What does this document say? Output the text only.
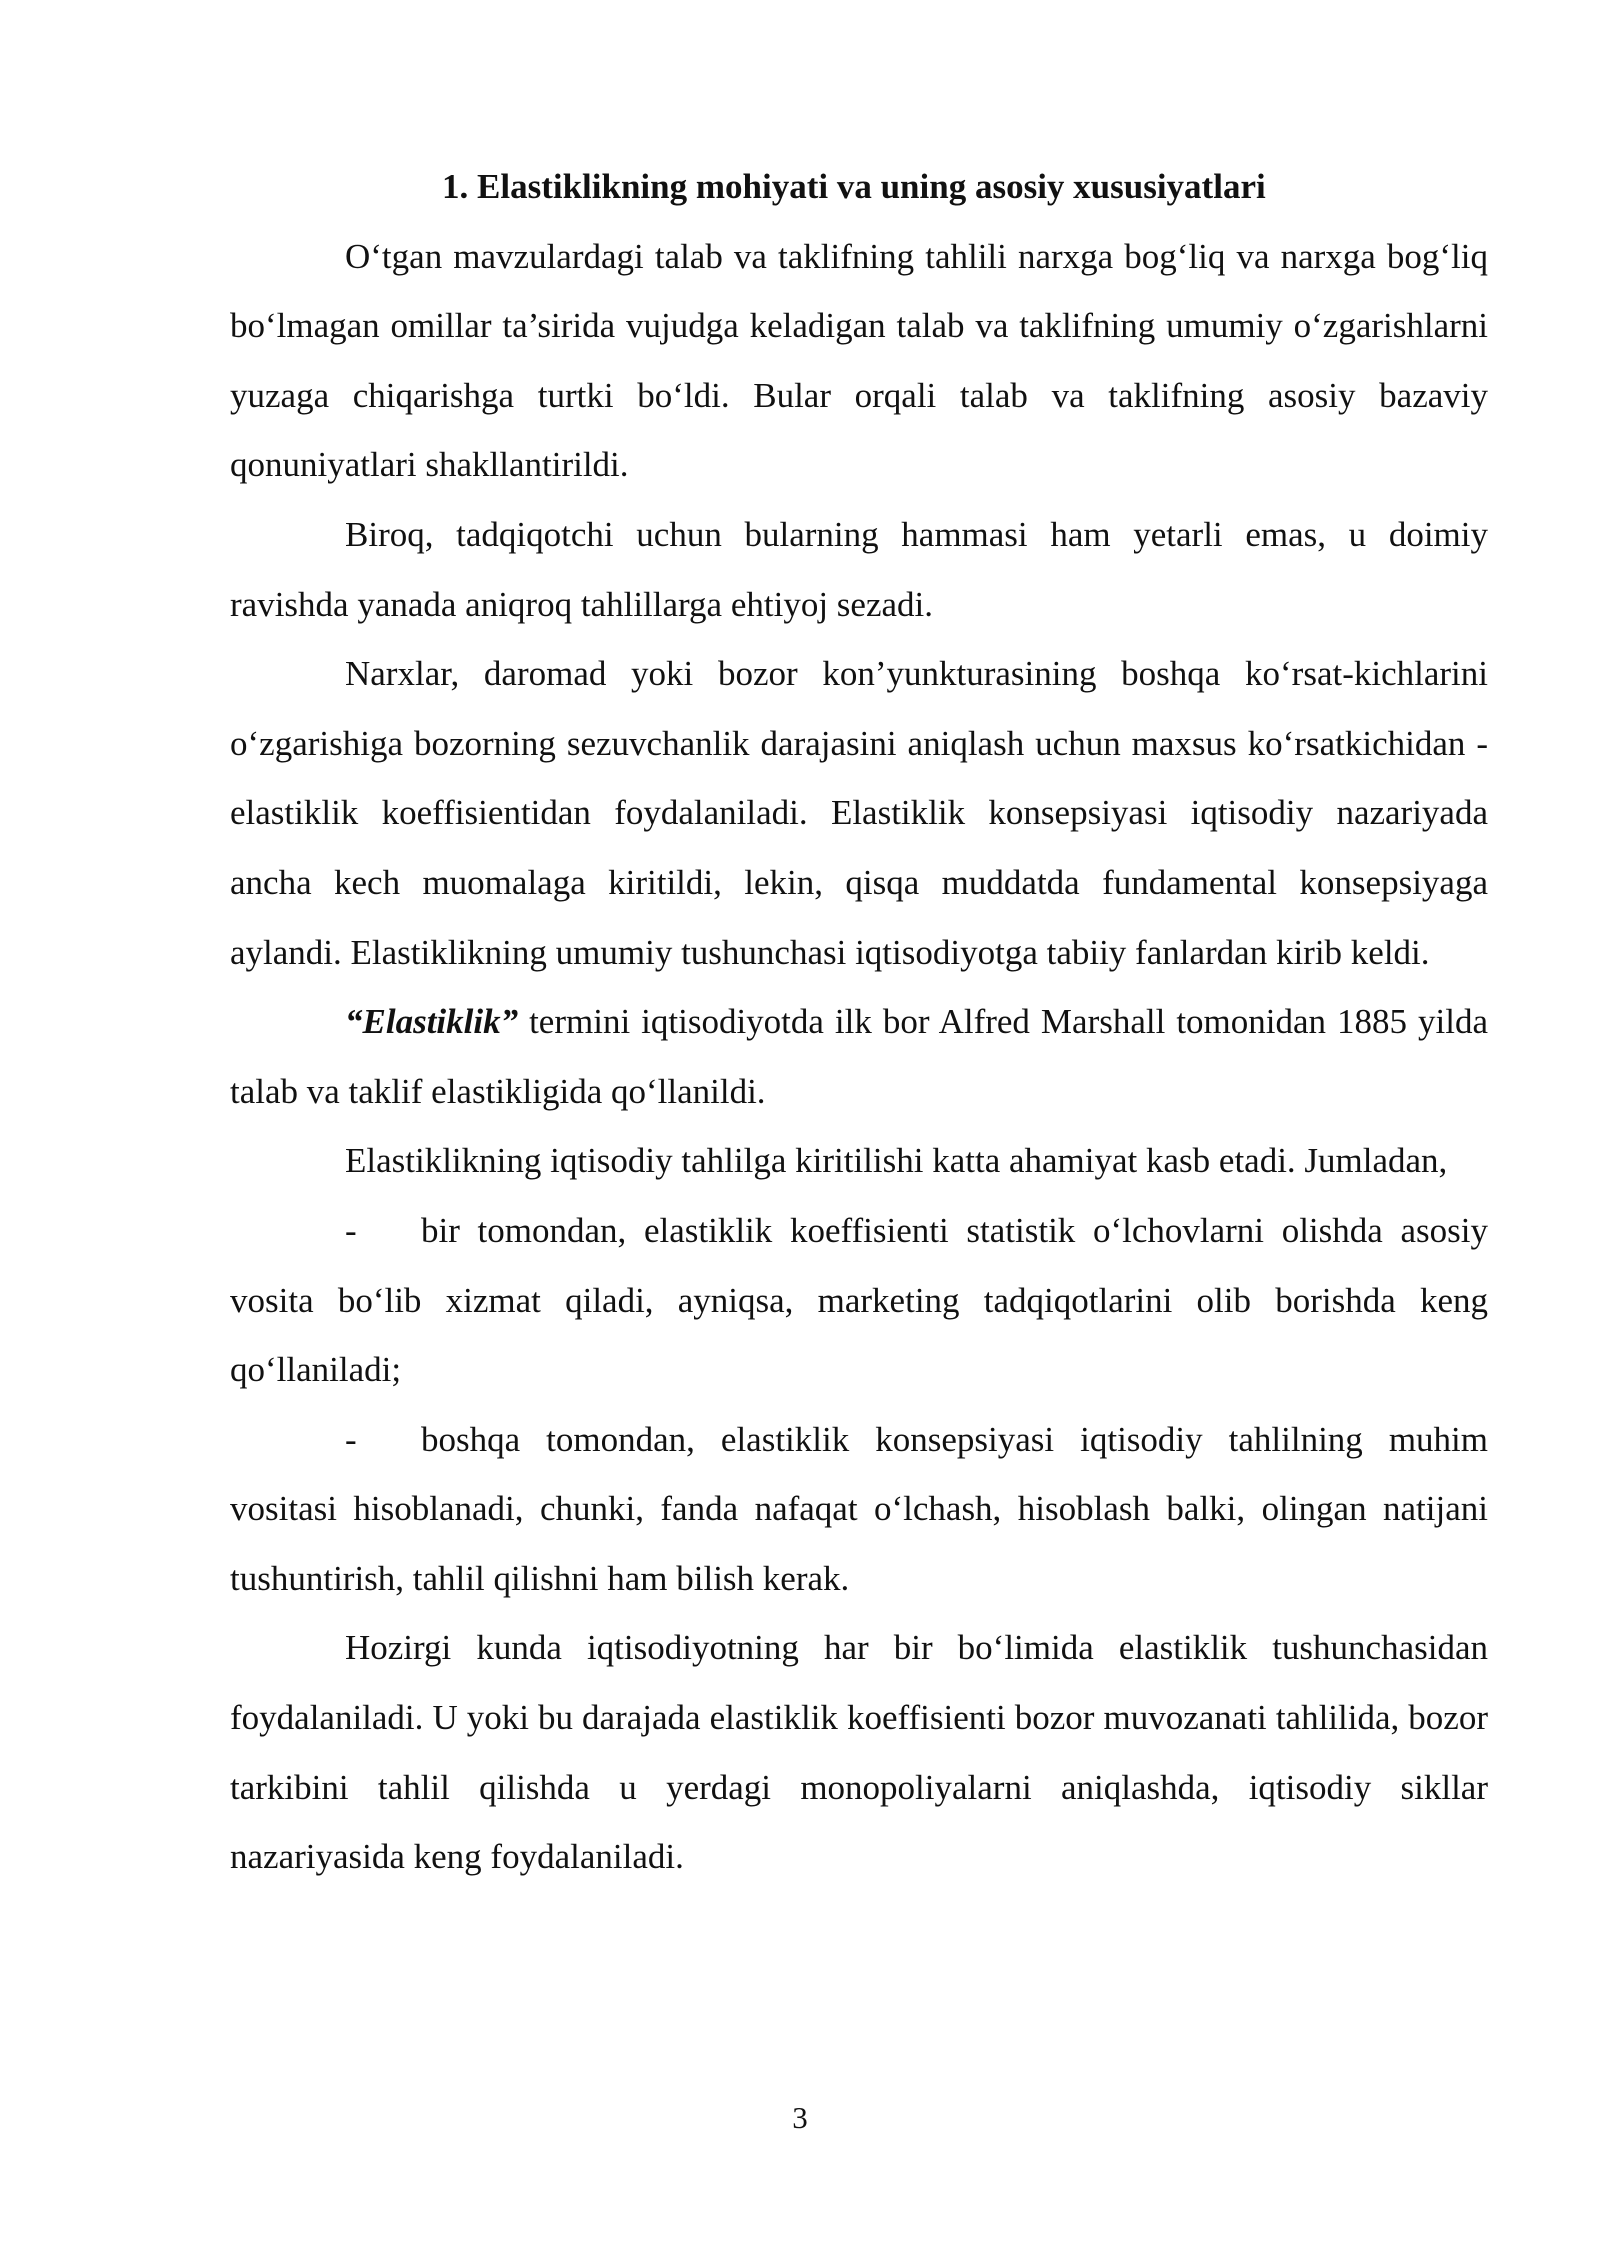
1. Elastiklikning mohiyati va uning asosiy xususiyatlari

O‘tgan mavzulardagi talab va taklifning tahlili narxga bog‘liq va narxga bog‘liq bo‘lmagan omillar ta’sirida vujudga keladigan talab va taklifning umumiy o‘zgarishlarni yuzaga chiqarishga turtki bo‘ldi. Bular orqali talab va taklifning asosiy bazaviy qonuniyatlari shakllantirildi.

Biroq, tadqiqotchi uchun bularning hammasi ham yetarli emas, u doimiy ravishda yanada aniqroq tahlillarga ehtiyoj sezadi.

Narxlar, daromad yoki bozor kon’yunkturasining boshqa ko‘rsat-kichlarini o‘zgarishiga bozorning sezuvchanlik darajasini aniqlash uchun maxsus ko‘rsatkichidan - elastiklik koeffisientidan foydalaniladi. Elastiklik konsepsiyasi iqtisodiy nazariyada ancha kech muomalaga kiritildi, lekin, qisqa muddatda fundamental konsepsiyaga aylandi. Elastiklikning umumiy tushunchasi iqtisodiyotga tabiiy fanlardan kirib keldi.

“Elastiklik” termini iqtisodiyotda ilk bor Alfred Marshall tomonidan 1885 yilda talab va taklif elastikligida qo‘llanildi.

Elastiklikning iqtisodiy tahlilga kiritilishi katta ahamiyat kasb etadi. Jumladan,

- bir tomondan, elastiklik koeffisienti statistik o‘lchovlarni olishda asosiy vosita bo‘lib xizmat qiladi, ayniqsa, marketing tadqiqotlarini olib borishda keng qo‘llaniladi;

- boshqa tomondan, elastiklik konsepsiyasi iqtisodiy tahlilning muhim vositasi hisoblanadi, chunki, fanda nafaqat o‘lchash, hisoblash balki, olingan natijani tushuntirish, tahlil qilishni ham bilish kerak.

Hozirgi kunda iqtisodiyotning har bir bo‘limida elastiklik tushunchasidan foydalaniladi. U yoki bu darajada elastiklik koeffisienti bozor muvozanati tahlilida, bozor tarkibini tahlil qilishda u yerdagi monopoliyalarni aniqlashda, iqtisodiy sikllar nazariyasida keng foydalaniladi.

3
